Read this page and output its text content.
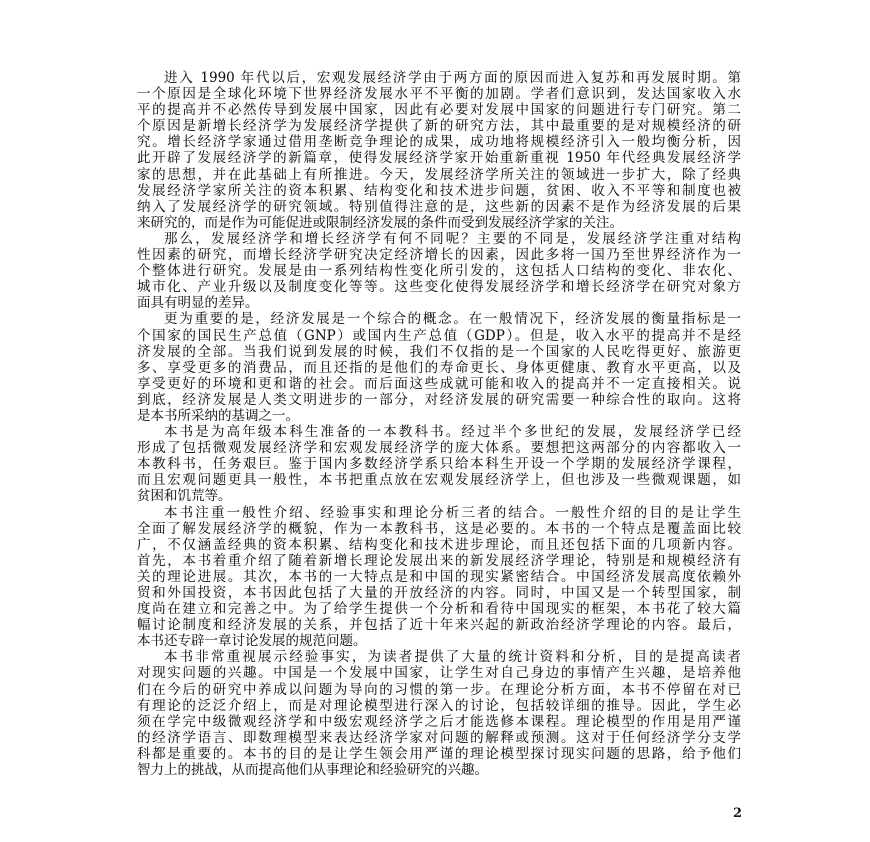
进入 1990 年代以后，宏观发展经济学由于两方面的原因而进入复苏和再发展时期。第
一个原因是全球化环境下世界经济发展水平不平衡的加剧。学者们意识到，发达国家收入水
平的提高并不必然传导到发展中国家，因此有必要对发展中国家的问题进行专门研究。第二
个原因是新增长经济学为发展经济学提供了新的研究方法，其中最重要的是对规模经济的研
究。增长经济学家通过借用垄断竞争理论的成果，成功地将规模经济引入一般均衡分析，因
此开辟了发展经济学的新篇章，使得发展经济学家开始重新重视 1950 年代经典发展经济学
家的思想，并在此基础上有所推进。今天，发展经济学所关注的领域进一步扩大，除了经典
发展经济学家所关注的资本积累、结构变化和技术进步问题，贫困、收入不平等和制度也被
纳入了发展经济学的研究领域。特别值得注意的是，这些新的因素不是作为经济发展的后果
来研究的，而是作为可能促进或限制经济发展的条件而受到发展经济学家的关注。
那么，发展经济学和增长经济学有何不同呢？主要的不同是，发展经济学注重对结构
性因素的研究，而增长经济学研究决定经济增长的因素，因此多将一国乃至世界经济作为一
个整体进行研究。发展是由一系列结构性变化所引发的，这包括人口结构的变化、非农化、
城市化、产业升级以及制度变化等等。这些变化使得发展经济学和增长经济学在研究对象方
面具有明显的差异。
更为重要的是，经济发展是一个综合的概念。在一般情况下，经济发展的衡量指标是一
个国家的国民生产总值（GNP）或国内生产总值（GDP）。但是，收入水平的提高并不是经
济发展的全部。当我们说到发展的时候，我们不仅指的是一个国家的人民吃得更好、旅游更
多、享受更多的消费品，而且还指的是他们的寿命更长、身体更健康、教育水平更高，以及
享受更好的环境和更和谐的社会。而后面这些成就可能和收入的提高并不一定直接相关。说
到底，经济发展是人类文明进步的一部分，对经济发展的研究需要一种综合性的取向。这将
是本书所采纳的基调之一。
本书是为高年级本科生准备的一本教科书。经过半个多世纪的发展，发展经济学已经
形成了包括微观发展经济学和宏观发展经济学的庞大体系。要想把这两部分的内容都收入一
本教科书，任务艰巨。鉴于国内多数经济学系只给本科生开设一个学期的发展经济学课程，
而且宏观问题更具一般性，本书把重点放在宏观发展经济学上，但也涉及一些微观课题，如
贫困和饥荒等。
本书注重一般性介绍、经验事实和理论分析三者的结合。一般性介绍的目的是让学生
全面了解发展经济学的概貌，作为一本教科书，这是必要的。本书的一个特点是覆盖面比较
广，不仅涵盖经典的资本积累、结构变化和技术进步理论，而且还包括下面的几项新内容。
首先，本书着重介绍了随着新增长理论发展出来的新发展经济学理论，特别是和规模经济有
关的理论进展。其次，本书的一大特点是和中国的现实紧密结合。中国经济发展高度依赖外
贸和外国投资，本书因此包括了大量的开放经济的内容。同时，中国又是一个转型国家，制
度尚在建立和完善之中。为了给学生提供一个分析和看待中国现实的框架，本书花了较大篇
幅讨论制度和经济发展的关系，并包括了近十年来兴起的新政治经济学理论的内容。最后，
本书还专辟一章讨论发展的规范问题。
本书非常重视展示经验事实，为读者提供了大量的统计资料和分析，目的是提高读者
对现实问题的兴趣。中国是一个发展中国家，让学生对自己身边的事情产生兴趣，是培养他
们在今后的研究中养成以问题为导向的习惯的第一步。在理论分析方面，本书不停留在对已
有理论的泛泛介绍上，而是对理论模型进行深入的讨论，包括较详细的推导。因此，学生必
须在学完中级微观经济学和中级宏观经济学之后才能选修本课程。理论模型的作用是用严谨
的经济学语言、即数理模型来表达经济学家对问题的解释或预测。这对于任何经济学分支学
科都是重要的。本书的目的是让学生领会用严谨的理论模型探讨现实问题的思路，给予他们
智力上的挑战，从而提高他们从事理论和经验研究的兴趣。
2
